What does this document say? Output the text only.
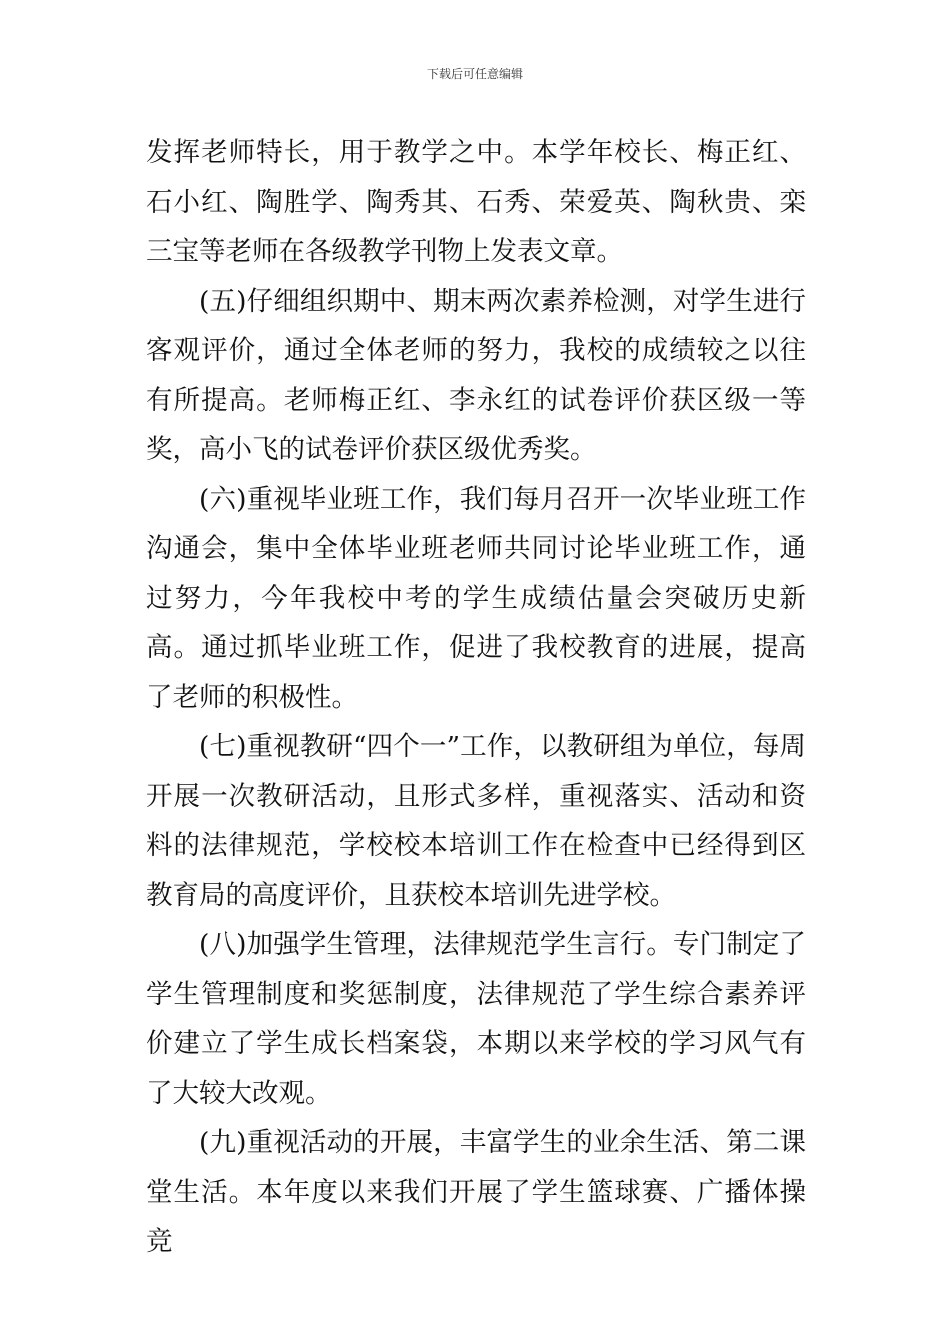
下载后可任意编辑

发挥老师特长，用于教学之中。本学年校长、梅正红、石小红、陶胜学、陶秀其、石秀、荣爱英、陶秋贵、栾三宝等老师在各级教学刊物上发表文章。

(五)仔细组织期中、期末两次素养检测，对学生进行客观评价，通过全体老师的努力，我校的成绩较之以往有所提高。老师梅正红、李永红的试卷评价获区级一等奖，高小飞的试卷评价获区级优秀奖。

(六)重视毕业班工作，我们每月召开一次毕业班工作沟通会，集中全体毕业班老师共同讨论毕业班工作，通过努力，今年我校中考的学生成绩估量会突破历史新高。通过抓毕业班工作，促进了我校教育的进展，提高了老师的积极性。

(七)重视教研“四个一”工作，以教研组为单位，每周开展一次教研活动，且形式多样，重视落实、活动和资料的法律规范，学校校本培训工作在检查中已经得到区教育局的高度评价，且获校本培训先进学校。

(八)加强学生管理，法律规范学生言行。专门制定了学生管理制度和奖惩制度，法律规范了学生综合素养评价建立了学生成长档案袋，本期以来学校的学习风气有了大较大改观。

(九)重视活动的开展，丰富学生的业余生活、第二课堂生活。本年度以来我们开展了学生篮球赛、广播体操竞
